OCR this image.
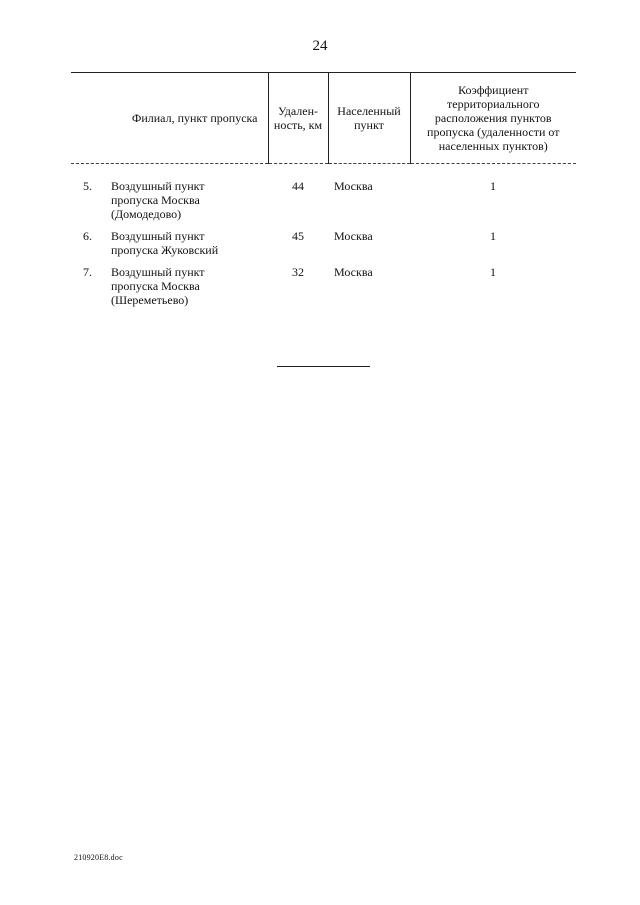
24
Филиал, пункт пропуска	Удален-ность, км	Населенный пункт	Коэффициент территориального расположения пунктов пропуска (удаленности от населенных пунктов)

5. Воздушный пункт пропуска Москва (Домодедово)	44	Москва	1

6. Воздушный пункт пропуска Жуковский	45	Москва	1

7. Воздушный пункт пропуска Москва (Шереметьево)	32	Москва	1
210920E8.doc
